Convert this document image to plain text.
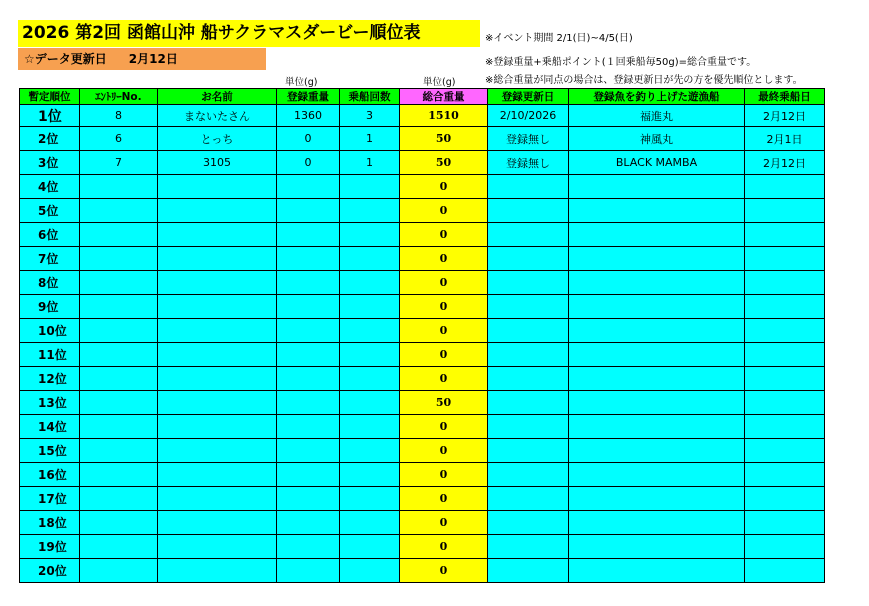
2026 第2回 函館山沖 船サクラマスダービー順位表
☆データ更新日 2月12日
※イベント期間 2/1(日)~4/5(日)
※登録重量+乗船ポイント(１回乗船毎50g)=総合重量です。
※総合重量が同点の場合は、登録更新日が先の方を優先順位とします。
単位(g)	単位(g)
暫定順位	ｴﾝﾄﾘｰNo.	お名前	登録重量	乗船回数	総合重量	登録更新日	登録魚を釣り上げた遊漁船	最終乗船日
1位	8	まないたさん	1360	3	1510	2/10/2026	福進丸	2月12日
2位	6	とっち	0	1	50	登録無し	神風丸	2月1日
3位	7	3105	0	1	50	登録無し	BLACK MAMBA	2月12日
4位					0			
5位					0			
6位					0			
7位					0			
8位					0			
9位					0			
10位					0			
11位					0			
12位					0			
13位					50			
14位					0			
15位					0			
16位					0			
17位					0			
18位					0			
19位					0			
20位					0			
